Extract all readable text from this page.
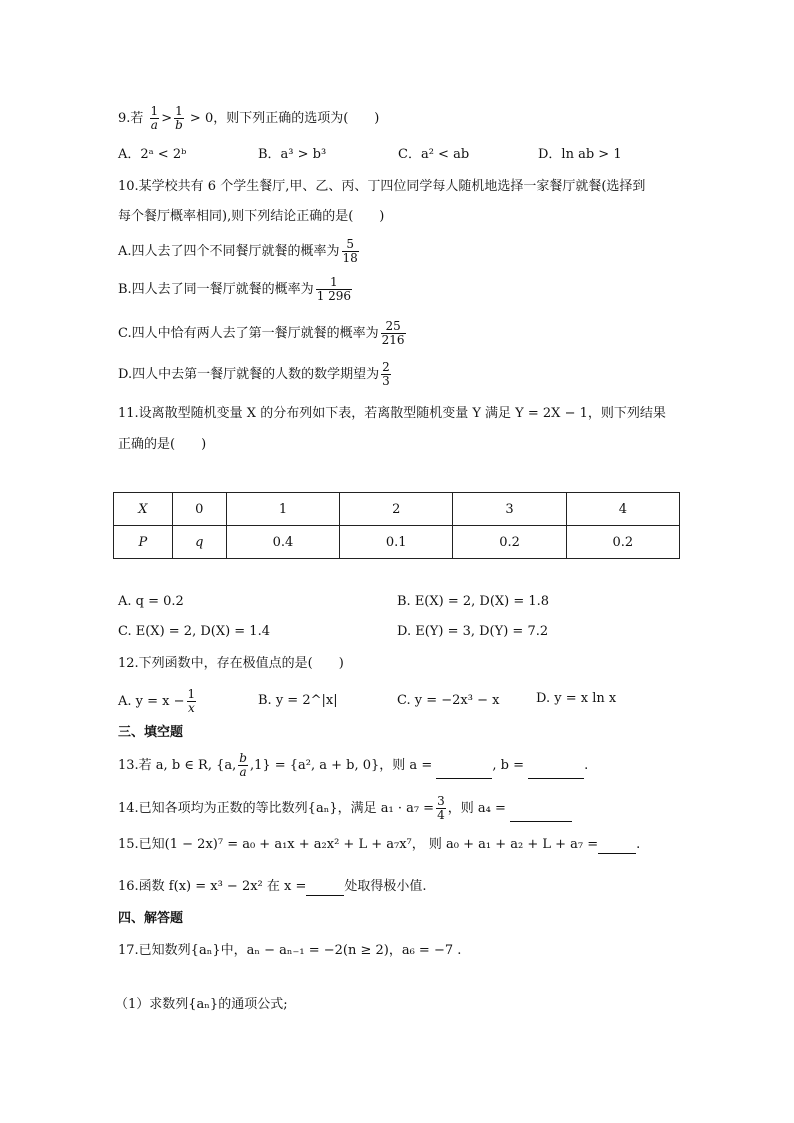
9.若 $\frac{1}{a} > \frac{1}{b} > 0$，则下列正确的选项为(　　)
A．2ᵃ < 2ᵇ	B．a³ > b³	C．a² < ab	D．ln ab > 1
10.某学校共有 6 个学生餐厅,甲、乙、丙、丁四位同学每人随机地选择一家餐厅就餐(选择到
每个餐厅概率相同),则下列结论正确的是(　　)
A.四人去了四个不同餐厅就餐的概率为 $\frac{5}{18}$
B.四人去了同一餐厅就餐的概率为 $\frac{1}{1 296}$
C.四人中恰有两人去了第一餐厅就餐的概率为 $\frac{25}{216}$
D.四人中去第一餐厅就餐的人数的数学期望为 $\frac{2}{3}$
11.设离散型随机变量 X 的分布列如下表，若离散型随机变量 Y 满足 Y = 2X − 1，则下列结果
正确的是(　　)
X	0	1	2	3	4
P	q	0.4	0.1	0.2	0.2
A. q = 0.2	B. E(X) = 2, D(X) = 1.8
C. E(X) = 2, D(X) = 1.4	D. E(Y) = 3, D(Y) = 7.2
12.下列函数中，存在极值点的是(　　)
A. $y = x - \frac{1}{x}$	B. y = 2^|x|	C. y = −2x³ − x	D. y = x ln x
三、填空题
13.若 a, b ∈ R, {a, $\frac{b}{a} ,1\} = \{a^2$, a + b, 0}，则 a =	, b =	.
14.已知各项均为正数的等比数列{aₙ}，满足 $a_1 \cdot a_7 = \frac{3}{4}$ ，则 a₄ =
15.已知(1 − 2x)⁷ = a₀ + a₁x + a₂x² + L + a₇x⁷， 则 a₀ + a₁ + a₂ + L + a₇ =	.
16.函数 f(x) = x³ − 2x² 在 x =	处取得极小值.
四、解答题
17.已知数列{aₙ}中，aₙ − aₙ₋₁ = −2(n ≥ 2)，a₆ = −7 .
（1）求数列{aₙ}的通项公式;
